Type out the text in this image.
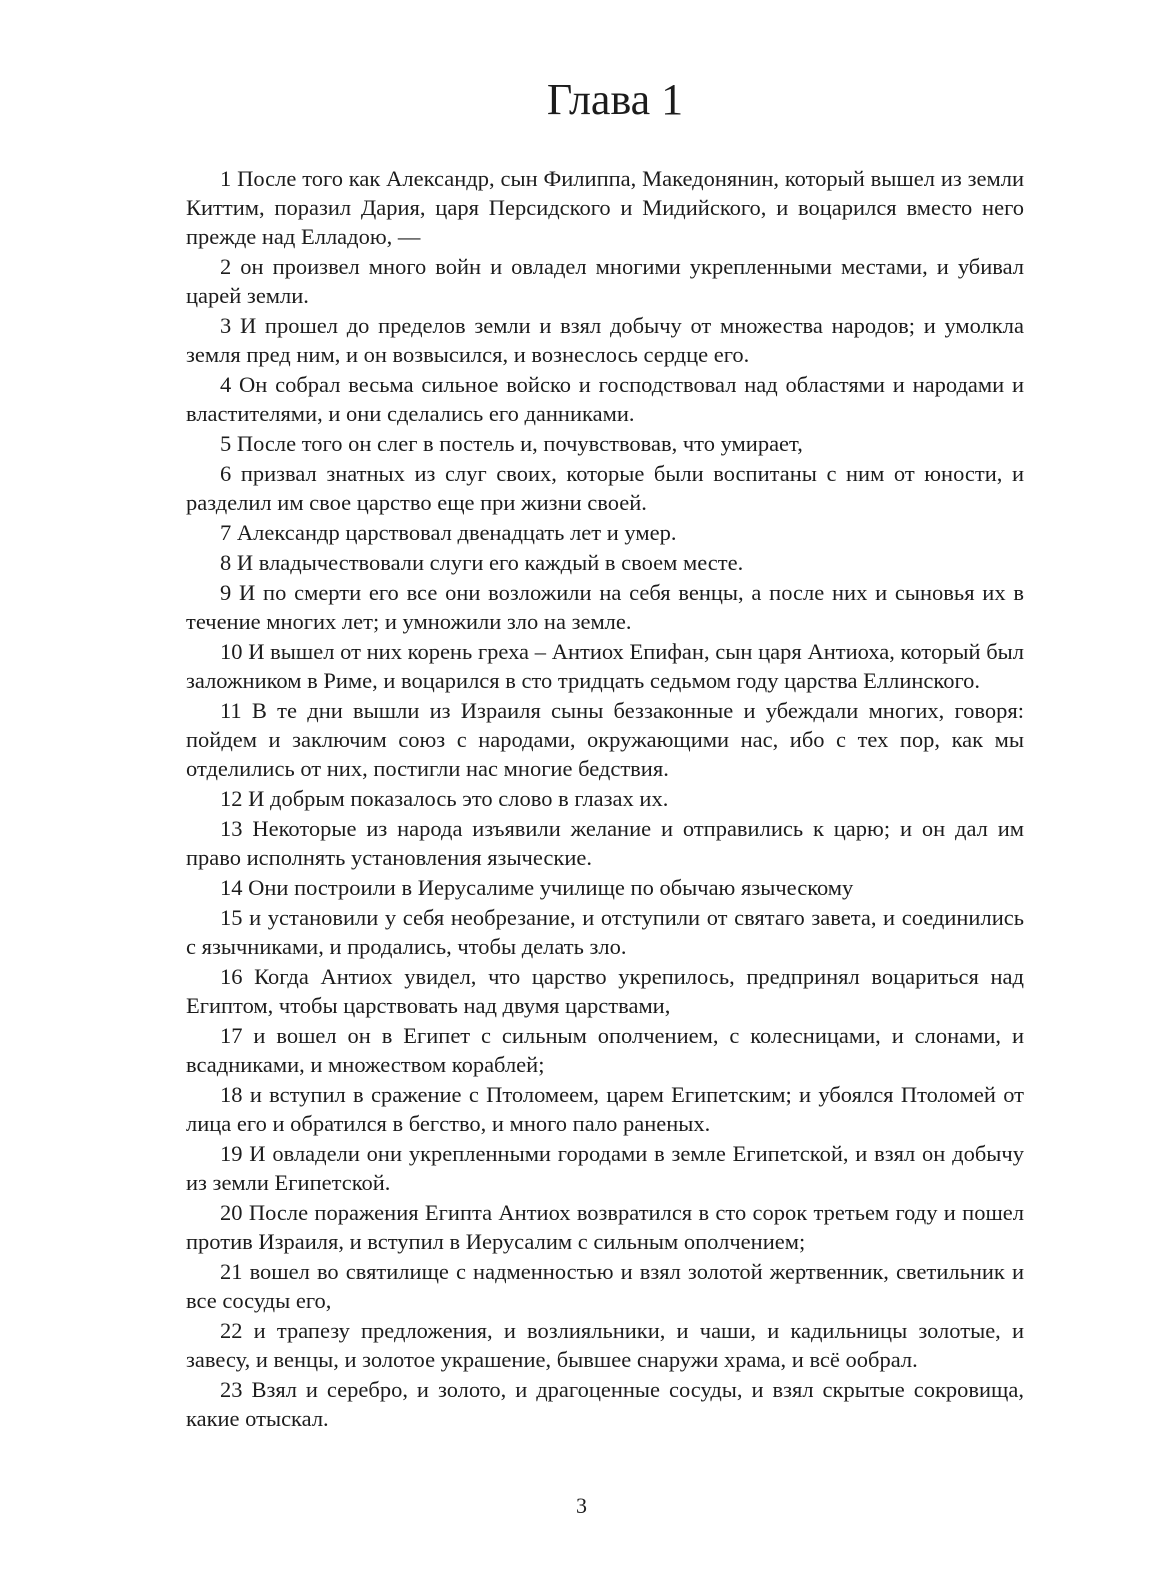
Глава 1

1 После того как Александр, сын Филиппа, Македонянин, который вышел из земли Киттим, поразил Дария, царя Персидского и Мидийского, и воцарился вместо него прежде над Елладою, —

2 он произвел много войн и овладел многими укрепленными местами, и убивал царей земли.

3 И прошел до пределов земли и взял добычу от множества народов; и умолкла земля пред ним, и он возвысился, и вознеслось сердце его.

4 Он собрал весьма сильное войско и господствовал над областями и народами и властителями, и они сделались его данниками.

5 После того он слег в постель и, почувствовав, что умирает,

6 призвал знатных из слуг своих, которые были воспитаны с ним от юности, и разделил им свое царство еще при жизни своей.

7 Александр царствовал двенадцать лет и умер.

8 И владычествовали слуги его каждый в своем месте.

9 И по смерти его все они возложили на себя венцы, а после них и сыновья их в течение многих лет; и умножили зло на земле.

10 И вышел от них корень греха – Антиох Епифан, сын царя Антиоха, который был заложником в Риме, и воцарился в сто тридцать седьмом году царства Еллинского.

11 В те дни вышли из Израиля сыны беззаконные и убеждали многих, говоря: пойдем и заключим союз с народами, окружающими нас, ибо с тех пор, как мы отделились от них, постигли нас многие бедствия.

12 И добрым показалось это слово в глазах их.

13 Некоторые из народа изъявили желание и отправились к царю; и он дал им право исполнять установления языческие.

14 Они построили в Иерусалиме училище по обычаю языческому

15 и установили у себя необрезание, и отступили от святаго завета, и соединились с язычниками, и продались, чтобы делать зло.

16 Когда Антиох увидел, что царство укрепилось, предпринял воцариться над Египтом, чтобы царствовать над двумя царствами,

17 и вошел он в Египет с сильным ополчением, с колесницами, и слонами, и всадниками, и множеством кораблей;

18 и вступил в сражение с Птоломеем, царем Египетским; и убоялся Птоломей от лица его и обратился в бегство, и много пало раненых.

19 И овладели они укрепленными городами в земле Египетской, и взял он добычу из земли Египетской.

20 После поражения Египта Антиох возвратился в сто сорок третьем году и пошел против Израиля, и вступил в Иерусалим с сильным ополчением;

21 вошел во святилище с надменностью и взял золотой жертвенник, светильник и все сосуды его,

22 и трапезу предложения, и возлияльники, и чаши, и кадильницы золотые, и завесу, и венцы, и золотое украшение, бывшее снаружи храма, и всё ообрал.

23 Взял и серебро, и золото, и драгоценные сосуды, и взял скрытые сокровища, какие отыскал.

3
